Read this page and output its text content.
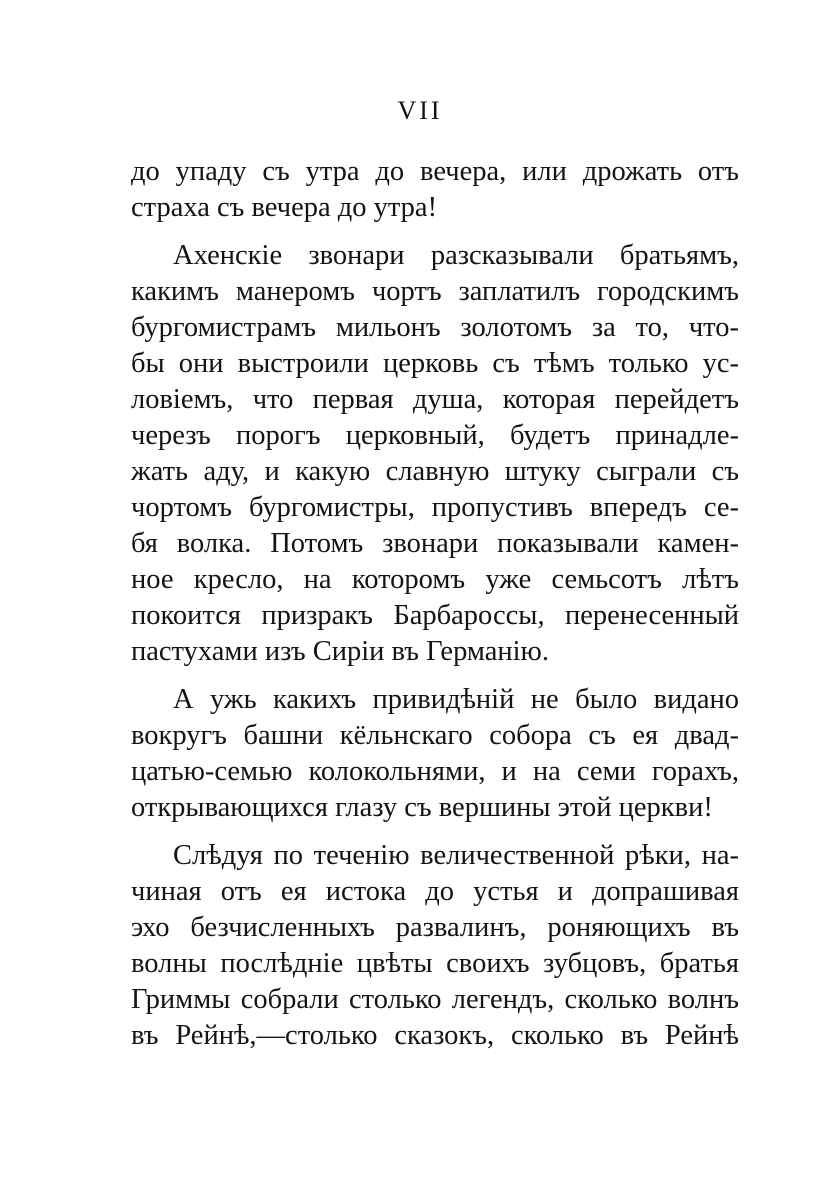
VII
до упаду съ утра до вечера, или дрожать отъ
страха съ вечера до утра!
Ахенскіе звонари разсказывали братьямъ,
какимъ манеромъ чортъ заплатилъ городскимъ
бургомистрамъ мильонъ золотомъ за то, что-
бы они выстроили церковь съ тѣмъ только ус-
ловіемъ, что первая душа, которая перейдетъ
черезъ порогъ церковный, будетъ принадле-
жать аду, и какую славную штуку сыграли съ
чортомъ бургомистры, пропустивъ впередъ се-
бя волка. Потомъ звонари показывали камен-
ное кресло, на которомъ уже семьсотъ лѣтъ
покоится призракъ Барбароссы, перенесенный
пастухами изъ Сиріи въ Германію.
А ужь какихъ привидѣній не было видано
вокругъ башни кёльнскаго собора съ ея двад-
цатью-семью колокольнями, и на семи горахъ,
открывающихся глазу съ вершины этой церкви!
Слѣдуя по теченію величественной рѣки, на-
чиная отъ ея истока до устья и допрашивая
эхо безчисленныхъ развалинъ, роняющихъ въ
волны послѣдніе цвѣты своихъ зубцовъ, братья
Гриммы собрали столько легендъ, сколько волнъ
въ Рейнѣ,—столько сказокъ, сколько въ Рейнѣ
